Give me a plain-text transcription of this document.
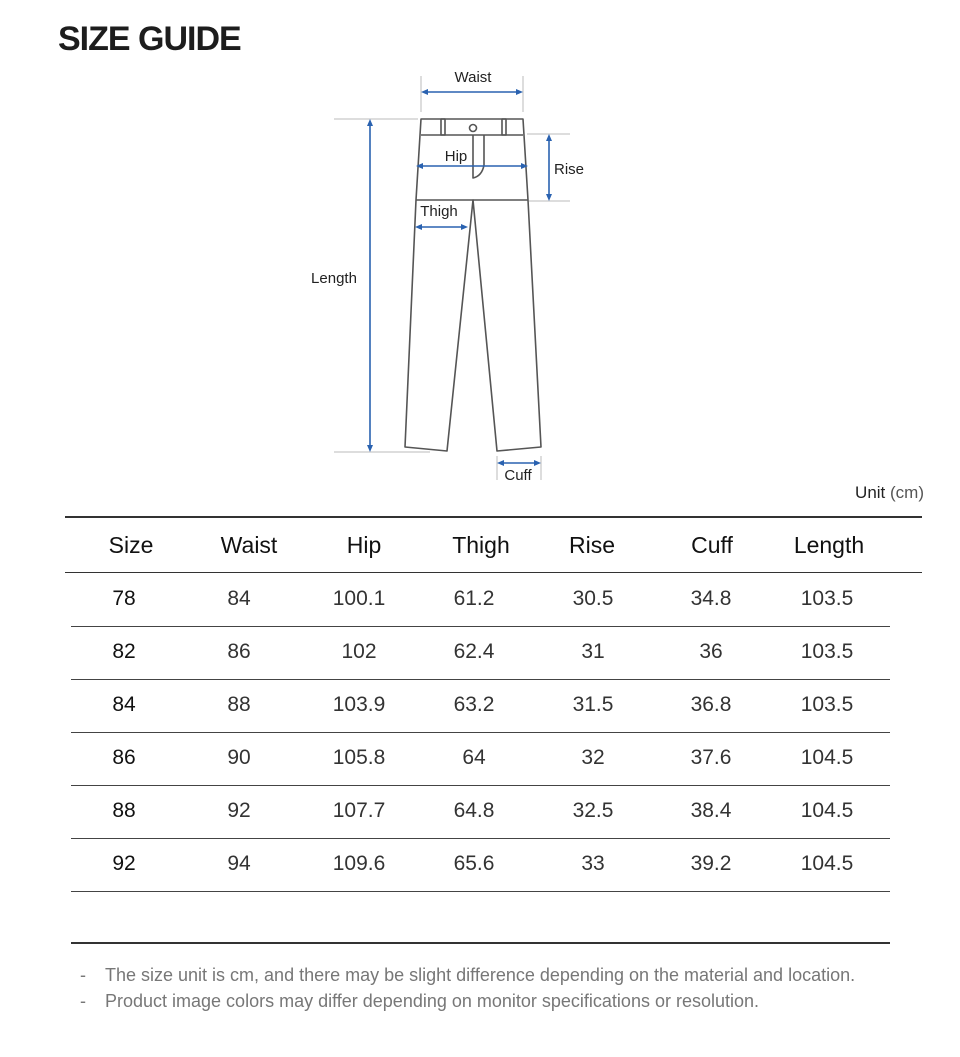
SIZE GUIDE
Waist
Hip
Rise
Thigh
Length
Cuff
Unit (cm)
Size	Waist	Hip	Thigh	Rise	Cuff	Length
78	84	100.1	61.2	30.5	34.8	103.5
82	86	102	62.4	31	36	103.5
84	88	103.9	63.2	31.5	36.8	103.5
86	90	105.8	64	32	37.6	104.5
88	92	107.7	64.8	32.5	38.4	104.5
92	94	109.6	65.6	33	39.2	104.5
- The size unit is cm, and there may be slight difference depending on the material and location.
- Product image colors may differ depending on monitor specifications or resolution.
